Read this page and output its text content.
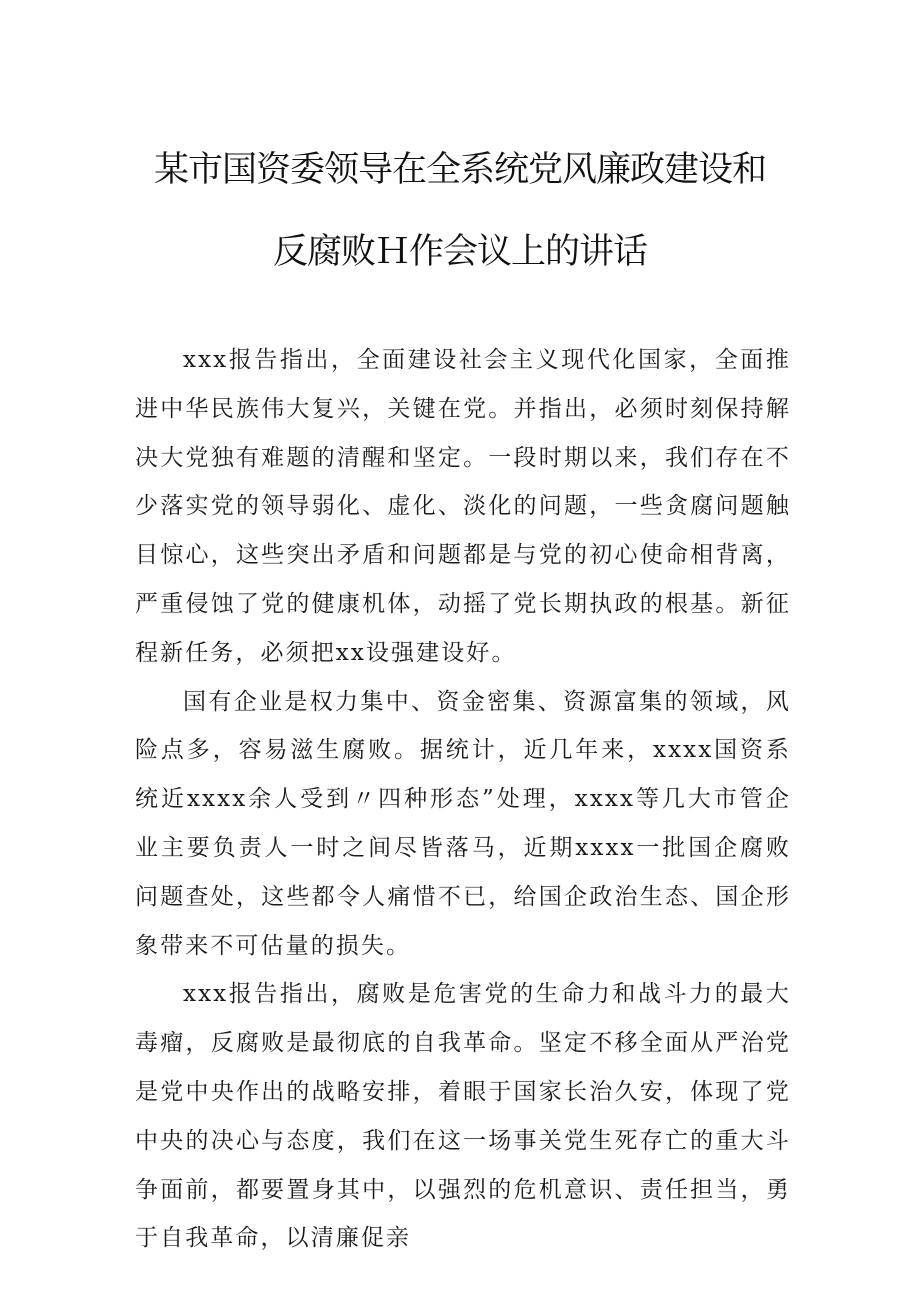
某市国资委领导在全系统党风廉政建设和
反腐败Ｈ作会议上的讲话

xxx报告指出，全面建设社会主义现代化国家，全面推进中华民族伟大复兴，关键在党。并指出，必须时刻保持解决大党独有难题的清醒和坚定。一段时期以来，我们存在不少落实党的领导弱化、虚化、淡化的问题，一些贪腐问题触目惊心，这些突出矛盾和问题都是与党的初心使命相背离，严重侵蚀了党的健康机体，动摇了党长期执政的根基。新征程新任务，必须把xx设强建设好。

国有企业是权力集中、资金密集、资源富集的领域，风险点多，容易滋生腐败。据统计，近几年来，xxxx国资系统近xxxx余人受到〃四种形态”处理，xxxx等几大市管企业主要负责人一时之间尽皆落马，近期xxxx一批国企腐败问题查处，这些都令人痛惜不已，给国企政治生态、国企形象带来不可估量的损失。

xxx报告指出，腐败是危害党的生命力和战斗力的最大毒瘤，反腐败是最彻底的自我革命。坚定不移全面从严治党是党中央作出的战略安排，着眼于国家长治久安，体现了党中央的决心与态度，我们在这一场事关党生死存亡的重大斗争面前，都要置身其中，以强烈的危机意识、责任担当，勇于自我革命，以清廉促亲
